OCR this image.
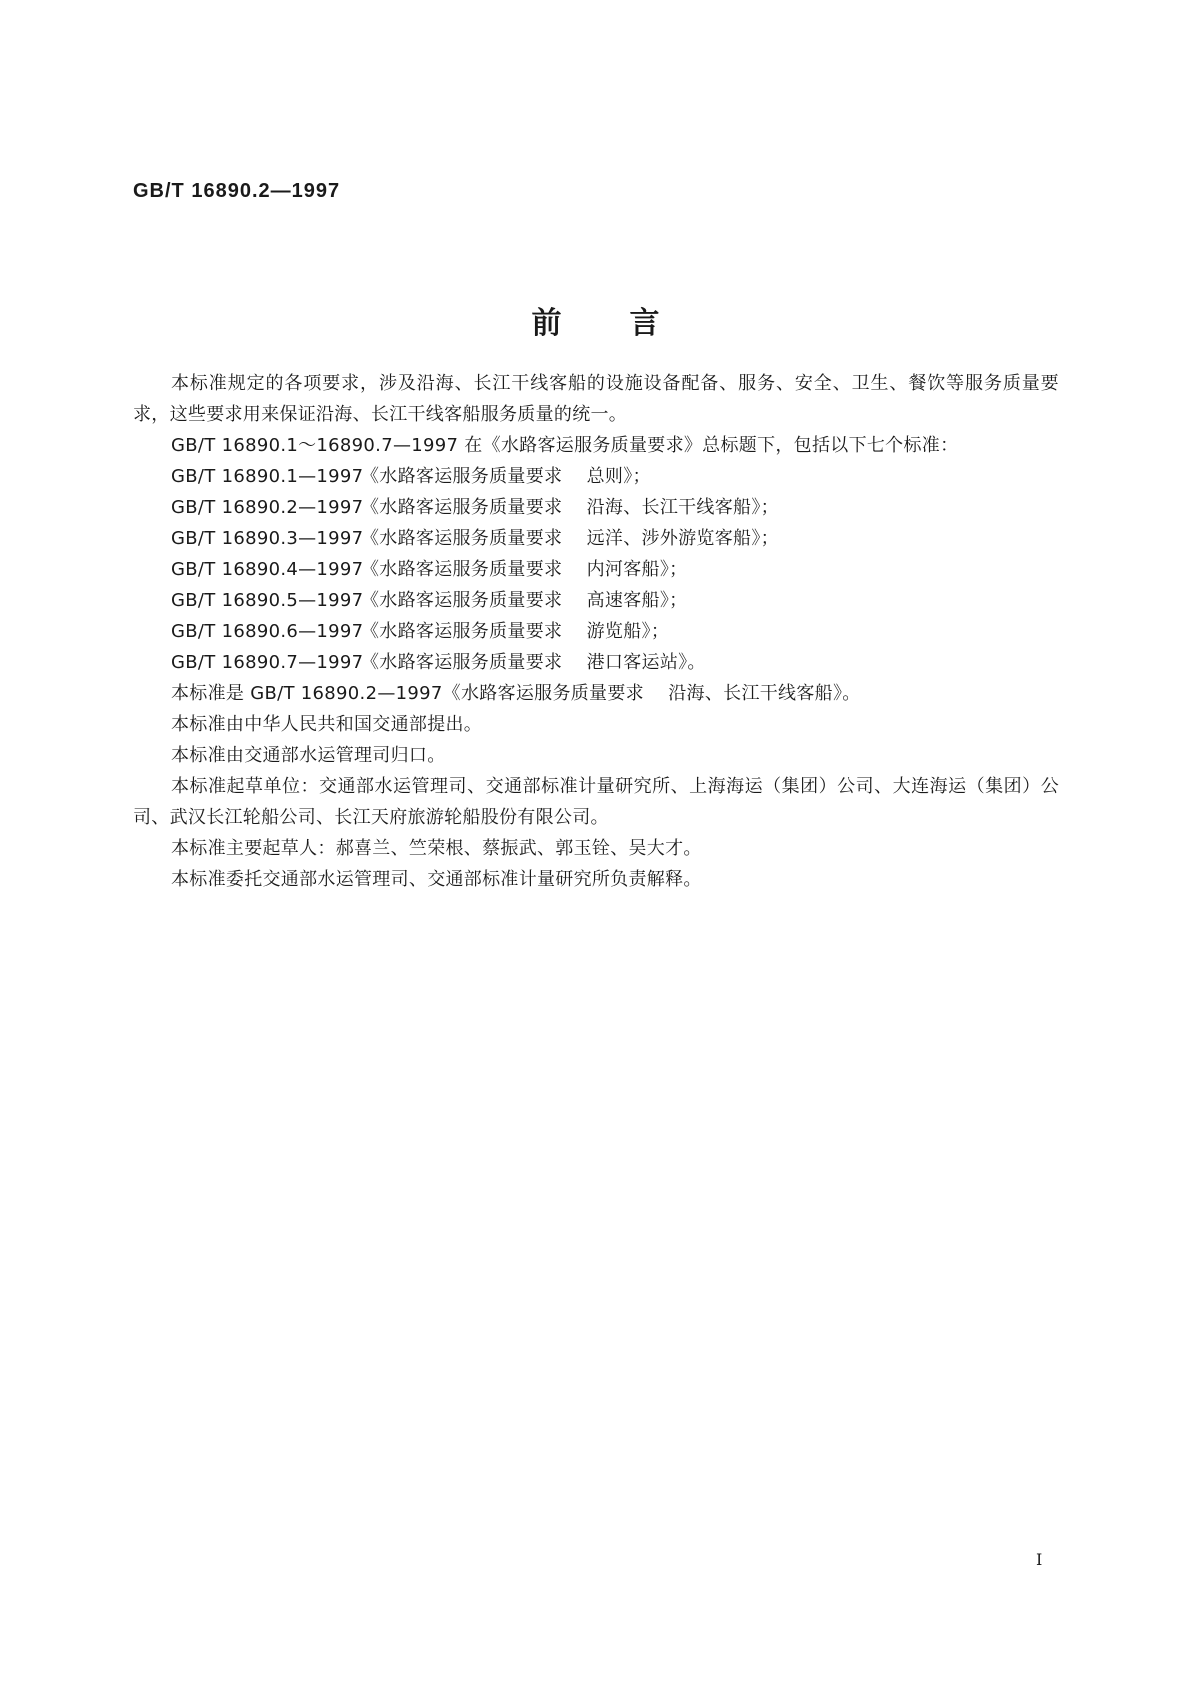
GB/T 16890.2—1997

前言

本标准规定的各项要求，涉及沿海、长江干线客船的设施设备配备、服务、安全、卫生、餐饮等服务质量要求，这些要求用来保证沿海、长江干线客船服务质量的统一。

GB/T 16890.1～16890.7—1997 在《水路客运服务质量要求》总标题下，包括以下七个标准：

GB/T 16890.1—1997《水路客运服务质量要求　 总则》；

GB/T 16890.2—1997《水路客运服务质量要求　 沿海、长江干线客船》；

GB/T 16890.3—1997《水路客运服务质量要求　 远洋、涉外游览客船》；

GB/T 16890.4—1997《水路客运服务质量要求　 内河客船》；

GB/T 16890.5—1997《水路客运服务质量要求　 高速客船》；

GB/T 16890.6—1997《水路客运服务质量要求　 游览船》；

GB/T 16890.7—1997《水路客运服务质量要求　 港口客运站》。

本标准是 GB/T 16890.2—1997《水路客运服务质量要求　 沿海、长江干线客船》。

本标准由中华人民共和国交通部提出。

本标准由交通部水运管理司归口。

本标准起草单位：交通部水运管理司、交通部标准计量研究所、上海海运（集团）公司、大连海运（集团）公司、武汉长江轮船公司、长江天府旅游轮船股份有限公司。

本标准主要起草人：郝喜兰、竺荣根、蔡振武、郭玉铨、吴大才。

本标准委托交通部水运管理司、交通部标准计量研究所负责解释。

I
